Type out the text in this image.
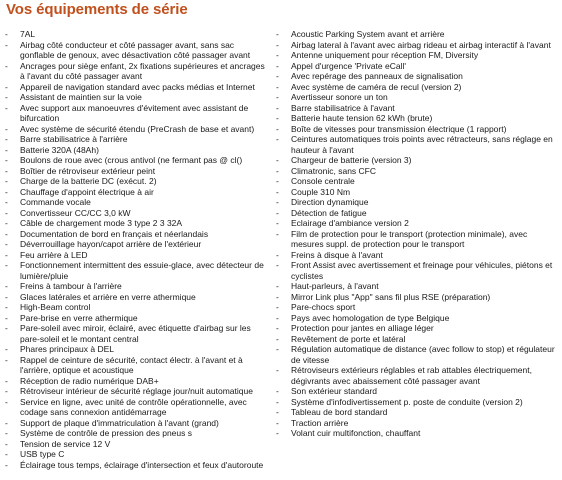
Vos équipements de série
-	7AL
-	Airbag côté conducteur et côté passager avant, sans sac gonflable de genoux, avec désactivation côté passager avant
-	Ancrages pour siège enfant, 2x fixations supérieures et ancrages à l'avant du côté passager avant
-	Appareil de navigation standard avec packs médias et Internet
-	Assistant de maintien sur la voie
-	Avec support aux manoeuvres d'évitement avec assistant de bifurcation
-	Avec système de sécurité étendu (PreCrash de base et avant)
-	Barre stabilisatrice à l'arrière
-	Batterie 320A (48Ah)
-	Boulons de roue avec (crous antivol (ne fermant pas @ cl()
-	Boîtier de rétroviseur extérieur peint
-	Charge de la batterie DC (exécut. 2)
-	Chauffage d'appoint électrique à air
-	Commande vocale
-	Convertisseur CC/CC 3,0 kW
-	Câble de chargement mode 3 type 2 3 32A
-	Documentation de bord en français et néerlandais
-	Déverrouillage hayon/capot arrière de l'extérieur
-	Feu arrière à LED
-	Fonctionnement intermittent des essuie-glace, avec détecteur de lumière/pluie
-	Freins à tambour à l'arrière
-	Glaces latérales et arrière en verre athermique
-	High-Beam control
-	Pare-brise en verre athermique
-	Pare-soleil avec miroir, éclairé, avec étiquette d'airbag sur les pare-soleil et le montant central
-	Phares principaux à DEL
-	Rappel de ceinture de sécurité, contact électr. à l'avant et à l'arrière, optique et acoustique
-	Réception de radio numérique DAB+
-	Rétroviseur intérieur de sécurité réglage jour/nuit automatique
-	Service en ligne, avec unité de contrôle opérationnelle, avec codage sans connexion antidémarrage
-	Support de plaque d'immatriculation à l'avant (grand)
-	Système de contrôle de pression des pneus s
-	Tension de service 12 V
-	USB type C
-	Éclairage tous temps, éclairage d'intersection et feux d'autoroute
-	Acoustic Parking System avant et arrière
-	Airbag lateral à l'avant avec airbag rideau et airbag interactif à l'avant
-	Antenne uniquement pour réception FM, Diversity
-	Appel d'urgence 'Private eCall'
-	Avec repérage des panneaux de signalisation
-	Avec système de caméra de recul (version 2)
-	Avertisseur sonore un ton
-	Barre stabilisatrice à l'avant
-	Batterie haute tension 62 kWh (brute)
-	Boîte de vitesses pour transmission électrique (1 rapport)
-	Ceintures automatiques trois points avec rétracteurs, sans réglage en hauteur à l'avant
-	Chargeur de batterie (version 3)
-	Climatronic, sans CFC
-	Console centrale
-	Couple 310 Nm
-	Direction dynamique
-	Détection de fatigue
-	Eclairage d'ambiance version 2
-	Film de protection pour le transport (protection minimale), avec mesures suppl. de protection pour le transport
-	Freins à disque à l'avant
-	Front Assist avec avertissement et freinage pour véhicules, piétons et cyclistes
-	Haut-parleurs, à l'avant
-	Mirror Link plus "App" sans fil plus RSE (préparation)
-	Pare-chocs sport
-	Pays avec homologation de type Belgique
-	Protection pour jantes en alliage léger
-	Revêtement de porte et latéral
-	Régulation automatique de distance (avec follow to stop) et régulateur de vitesse
-	Rétroviseurs extérieurs réglables et rab attables électriquement, dégivrants avec abaissement côté passager avant
-	Son extérieur standard
-	Système d'infodivertissement p. poste de conduite (version 2)
-	Tableau de bord standard
-	Traction arrière
-	Volant cuir multifonction, chauffant
